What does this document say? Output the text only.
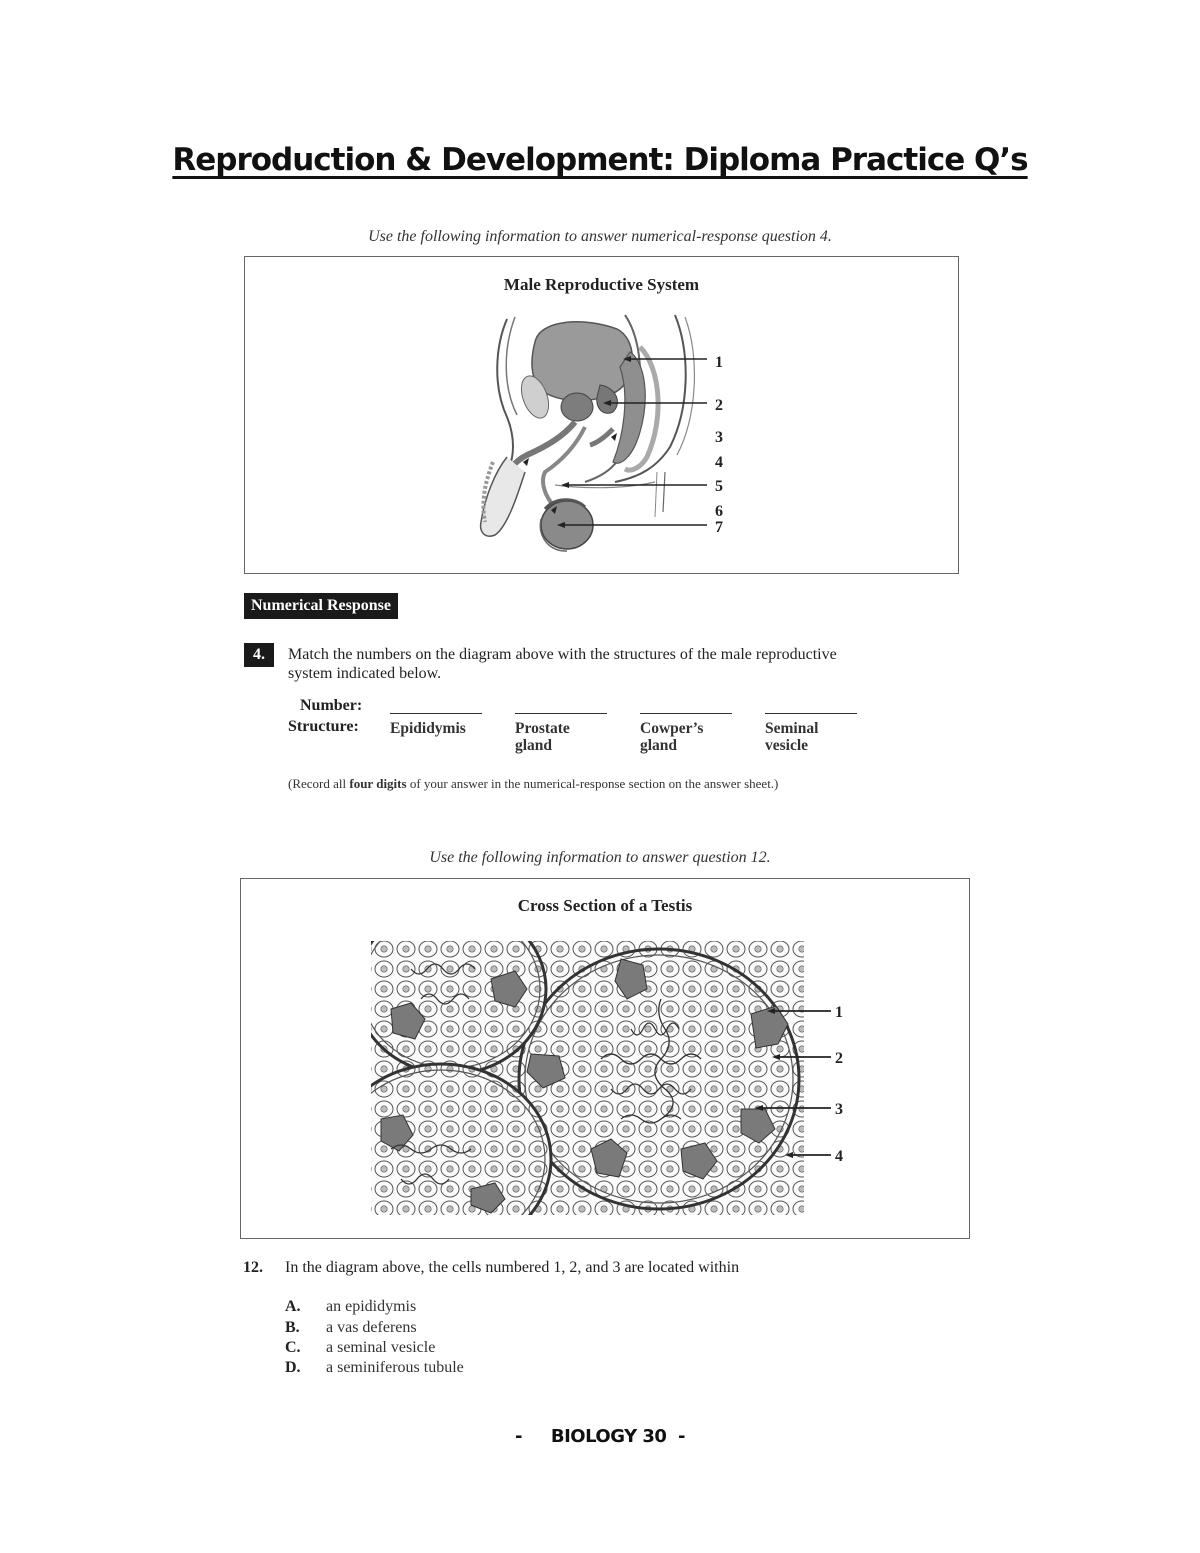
Reproduction & Development: Diploma Practice Q’s
Use the following information to answer numerical-response question 4.
Male Reproductive System
1
2
3
4
5
6
7
Numerical Response
4.	Match the numbers on the diagram above with the structures of the male reproductive
system indicated below.
Number:
Structure: Epididymis	Prostate
gland
Cowper’s
gland
Seminal
vesicle
(Record all four digits of your answer in the numerical-response section on the answer sheet.)
Use the following information to answer question 12.
Cross Section of a Testis
1
2
3
4
12. In the diagram above, the cells numbered 1, 2, and 3 are located within
A. an epididymis
B. a vas deferens
C. a seminal vesicle
D. a seminiferous tubule
-     BIOLOGY 30  -
